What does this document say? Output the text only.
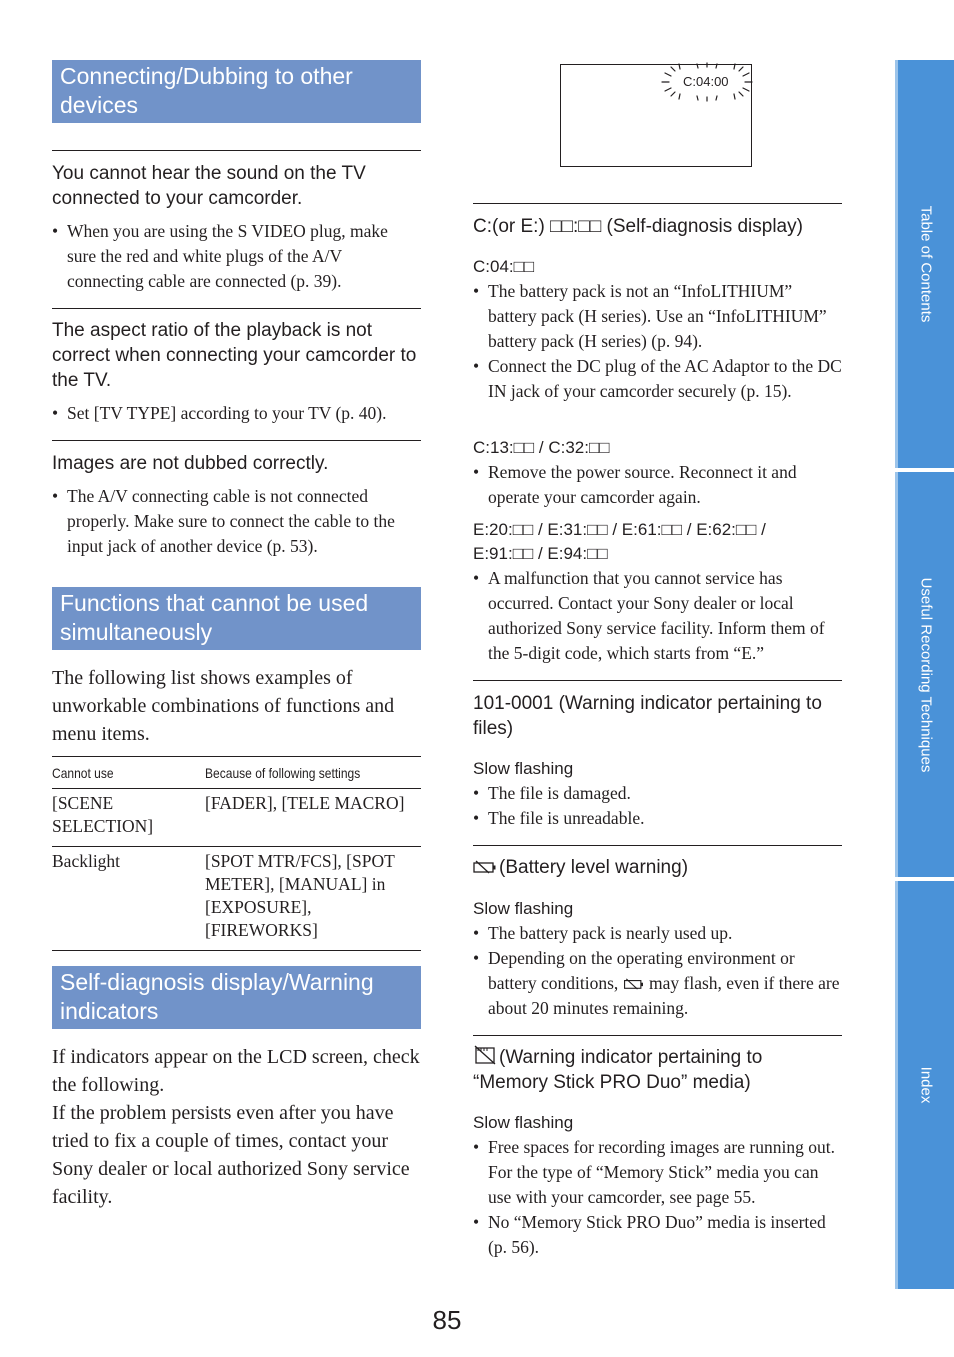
Connecting/Dubbing to other devices
You cannot hear the sound on the TV connected to your camcorder.
• When you are using the S VIDEO plug, make sure the red and white plugs of the A/V connecting cable are connected (p. 39).
The aspect ratio of the playback is not correct when connecting your camcorder to the TV.
• Set [TV TYPE] according to your TV (p. 40).
Images are not dubbed correctly.
• The A/V connecting cable is not connected properly. Make sure to connect the cable to the input jack of another device (p. 53).
Functions that cannot be used simultaneously
The following list shows examples of unworkable combinations of functions and menu items.
Cannot use	Because of following settings
[SCENE SELECTION]	[FADER], [TELE MACRO]
Backlight	[SPOT MTR/FCS], [SPOT METER], [MANUAL] in [EXPOSURE], [FIREWORKS]
Self-diagnosis display/Warning indicators
If indicators appear on the LCD screen, check the following.
If the problem persists even after you have tried to fix a couple of times, contact your Sony dealer or local authorized Sony service facility.
C:04:00
C:(or E:) □□:□□ (Self-diagnosis display)
C:04:□□
• The battery pack is not an “InfoLITHIUM” battery pack (H series). Use an “InfoLITHIUM” battery pack (H series) (p. 94).
• Connect the DC plug of the AC Adaptor to the DC IN jack of your camcorder securely (p. 15).
C:13:□□ / C:32:□□
• Remove the power source. Reconnect it and operate your camcorder again.
E:20:□□ / E:31:□□ / E:61:□□ / E:62:□□ / E:91:□□ / E:94:□□
• A malfunction that you cannot service has occurred. Contact your Sony dealer or local authorized Sony service facility. Inform them of the 5-digit code, which starts from “E.”
101-0001 (Warning indicator pertaining to files)
Slow flashing
• The file is damaged.
• The file is unreadable.
(Battery level warning)
Slow flashing
• The battery pack is nearly used up.
• Depending on the operating environment or battery conditions,  may flash, even if there are about 20 minutes remaining.
(Warning indicator pertaining to “Memory Stick PRO Duo” media)
Slow flashing
• Free spaces for recording images are running out. For the type of “Memory Stick” media you can use with your camcorder, see page 55.
• No “Memory Stick PRO Duo” media is inserted (p. 56).
Table of Contents
Useful Recording Techniques
Index
85
